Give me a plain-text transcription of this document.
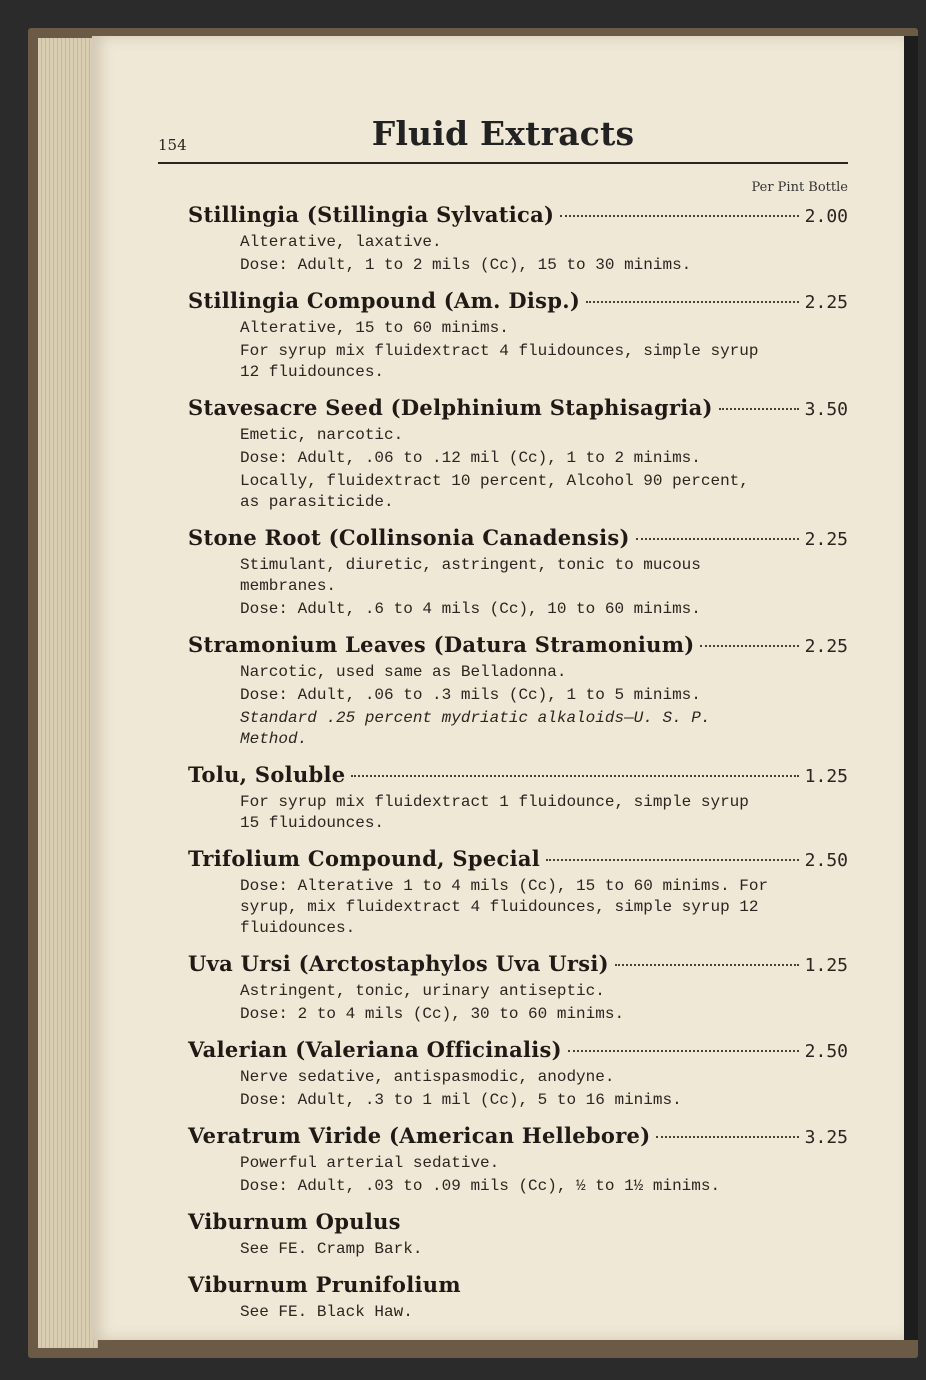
154	Fluid Extracts
Per Pint Bottle
Stillingia (Stillingia Sylvatica)	2.00

Alterative, laxative.

Dose: Adult, 1 to 2 mils (Cc), 15 to 30 minims.

Stillingia Compound (Am. Disp.)	2.25

Alterative, 15 to 60 minims.

For syrup mix fluidextract 4 fluidounces, simple syrup 12 fluidounces.

Stavesacre Seed (Delphinium Staphisagria)	3.50

Emetic, narcotic.

Dose: Adult, .06 to .12 mil (Cc), 1 to 2 minims.

Locally, fluidextract 10 percent, Alcohol 90 percent, as parasiticide.

Stone Root (Collinsonia Canadensis)	2.25

Stimulant, diuretic, astringent, tonic to mucous membranes.

Dose: Adult, .6 to 4 mils (Cc), 10 to 60 minims.

Stramonium Leaves (Datura Stramonium)	2.25

Narcotic, used same as Belladonna.

Dose: Adult, .06 to .3 mils (Cc), 1 to 5 minims.

Standard .25 percent mydriatic alkaloids—U. S. P. Method.

Tolu, Soluble	1.25

For syrup mix fluidextract 1 fluidounce, simple syrup 15 fluidounces.

Trifolium Compound, Special	2.50

Dose: Alterative 1 to 4 mils (Cc), 15 to 60 minims. For syrup, mix fluidextract 4 fluidounces, simple syrup 12 fluidounces.

Uva Ursi (Arctostaphylos Uva Ursi)	1.25

Astringent, tonic, urinary antiseptic.

Dose: 2 to 4 mils (Cc), 30 to 60 minims.

Valerian (Valeriana Officinalis)	2.50

Nerve sedative, antispasmodic, anodyne.

Dose: Adult, .3 to 1 mil (Cc), 5 to 16 minims.

Veratrum Viride (American Hellebore)	3.25

Powerful arterial sedative.

Dose: Adult, .03 to .09 mils (Cc), ½ to 1½ minims.

Viburnum Opulus

See FE. Cramp Bark.

Viburnum Prunifolium

See FE. Black Haw.
